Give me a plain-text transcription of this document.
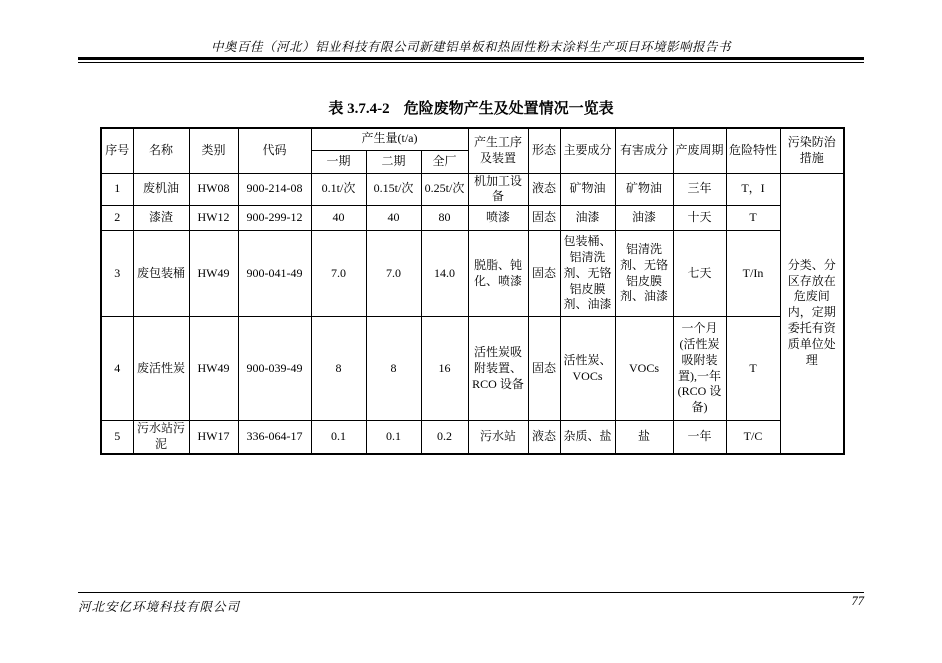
中奥百佳（河北）铝业科技有限公司新建铝单板和热固性粉末涂料生产项目环境影响报告书
表 3.7.4-2 危险废物产生及处置情况一览表
序号	名称	类别	代码	产生量(t/a)			产生工序及装置	形态	主要成分	有害成分	产废周期	危险特性	污染防治措施
				一期	二期	全厂							
1	废机油	HW08	900-214-08	0.1t/次	0.15t/次	0.25t/次	机加工设备	液态	矿物油	矿物油	三年	T，I	分类、分区存放在危废间内，定期委托有资质单位处理
2	漆渣	HW12	900-299-12	40	40	80	喷漆	固态	油漆	油漆	十天	T	
3	废包装桶	HW49	900-041-49	7.0	7.0	14.0	脱脂、钝化、喷漆	固态	包装桶、铝清洗剂、无铬铝皮膜剂、油漆	铝清洗剂、无铬铝皮膜剂、油漆	七天	T/In	
4	废活性炭	HW49	900-039-49	8	8	16	活性炭吸附装置、RCO 设备	固态	活性炭、VOCs	VOCs	一个月(活性炭吸附装置),一年(RCO 设备)	T	
5	污水站污泥	HW17	336-064-17	0.1	0.1	0.2	污水站	液态	杂质、盐	盐	一年	T/C	
河北安亿环境科技有限公司	77
